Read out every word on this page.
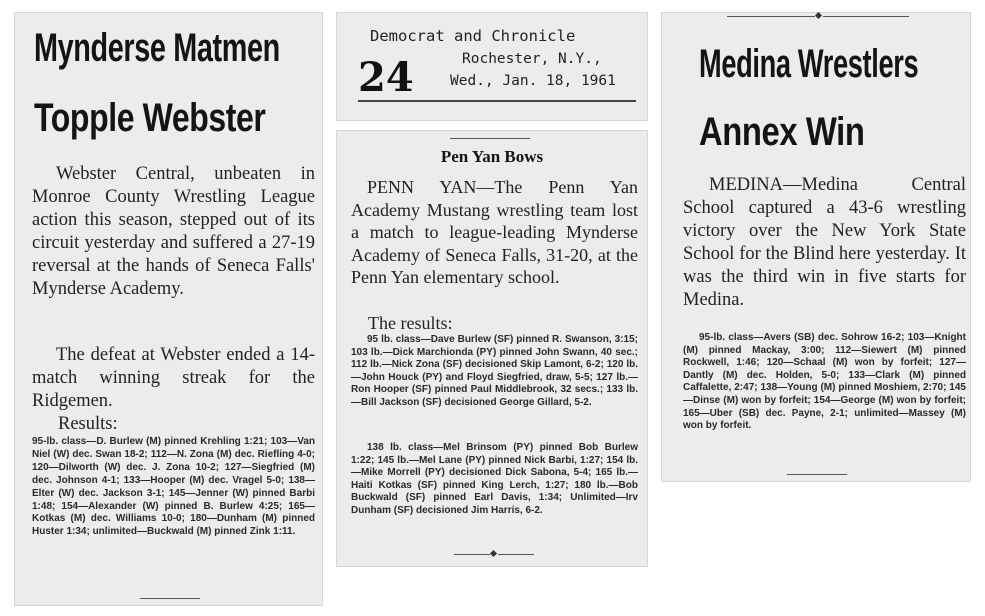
Mynderse Matmen
Topple Webster
Webster Central, unbeaten in Monroe County Wrestling League action this season, stepped out of its circuit yesterday and suffered a 27-19 reversal at the hands of Seneca Falls' Mynderse Academy.
The defeat at Webster ended a 14-match winning streak for the Ridgemen.
Results:
95-lb. class—D. Burlew (M) pinned Krehling 1:21; 103—Van Niel (W) dec. Swan 18-2; 112—N. Zona (M) dec. Riefling 4-0; 120—Dilworth (W) dec. J. Zona 10-2; 127—Siegfried (M) dec. Johnson 4-1; 133—Hooper (M) dec. Vragel 5-0; 138—Elter (W) dec. Jackson 3-1; 145—Jenner (W) pinned Barbi 1:48; 154—Alexander (W) pinned B. Burlew 4:25; 165—Kotkas (M) dec. Williams 10-0; 180—Dunham (M) pinned Huster 1:34; unlimited—Buckwald (M) pinned Zink 1:11.
Democrat and Chronicle
24	Rochester, N.Y.,
Wed., Jan. 18, 1961
Pen Yan Bows
PENN YAN—The Penn Yan Academy Mustang wrestling team lost a match to league-leading Mynderse Academy of Seneca Falls, 31-20, at the Penn Yan elementary school.
The results:
95 lb. class—Dave Burlew (SF) pinned R. Swanson, 3:15; 103 lb.—Dick Marchionda (PY) pinned John Swann, 40 sec.; 112 lb.—Nick Zona (SF) decisioned Skip Lamont, 6-2; 120 lb.—John Houck (PY) and Floyd Siegfried, draw, 5-5; 127 lb.—Ron Hooper (SF) pinned Paul Middlebrook, 32 secs.; 133 lb.—Bill Jackson (SF) decisioned George Gillard, 5-2.
138 lb. class—Mel Brinsom (PY) pinned Bob Burlew 1:22; 145 lb.—Mel Lane (PY) pinned Nick Barbi, 1:27; 154 lb.—Mike Morrell (PY) decisioned Dick Sabona, 5-4; 165 lb.—Haiti Kotkas (SF) pinned King Lerch, 1:27; 180 lb.—Bob Buckwald (SF) pinned Earl Davis, 1:34; Unlimited—Irv Dunham (SF) decisioned Jim Harris, 6-2.
Medina Wrestlers
Annex Win
MEDINA—Medina Central School captured a 43-6 wrestling victory over the New York State School for the Blind here yesterday. It was the third win in five starts for Medina.
95-lb. class—Avers (SB) dec. Sohrow 16-2; 103—Knight (M) pinned Mackay, 3:00; 112—Siewert (M) pinned Rockwell, 1:46; 120—Schaal (M) won by forfeit; 127—Dantly (M) dec. Holden, 5-0; 133—Clark (M) pinned Caffalette, 2:47; 138—Young (M) pinned Moshiem, 2:70; 145—Dinse (M) won by forfeit; 154—George (M) won by forfeit; 165—Uber (SB) dec. Payne, 2-1; unlimited—Massey (M) won by forfeit.
